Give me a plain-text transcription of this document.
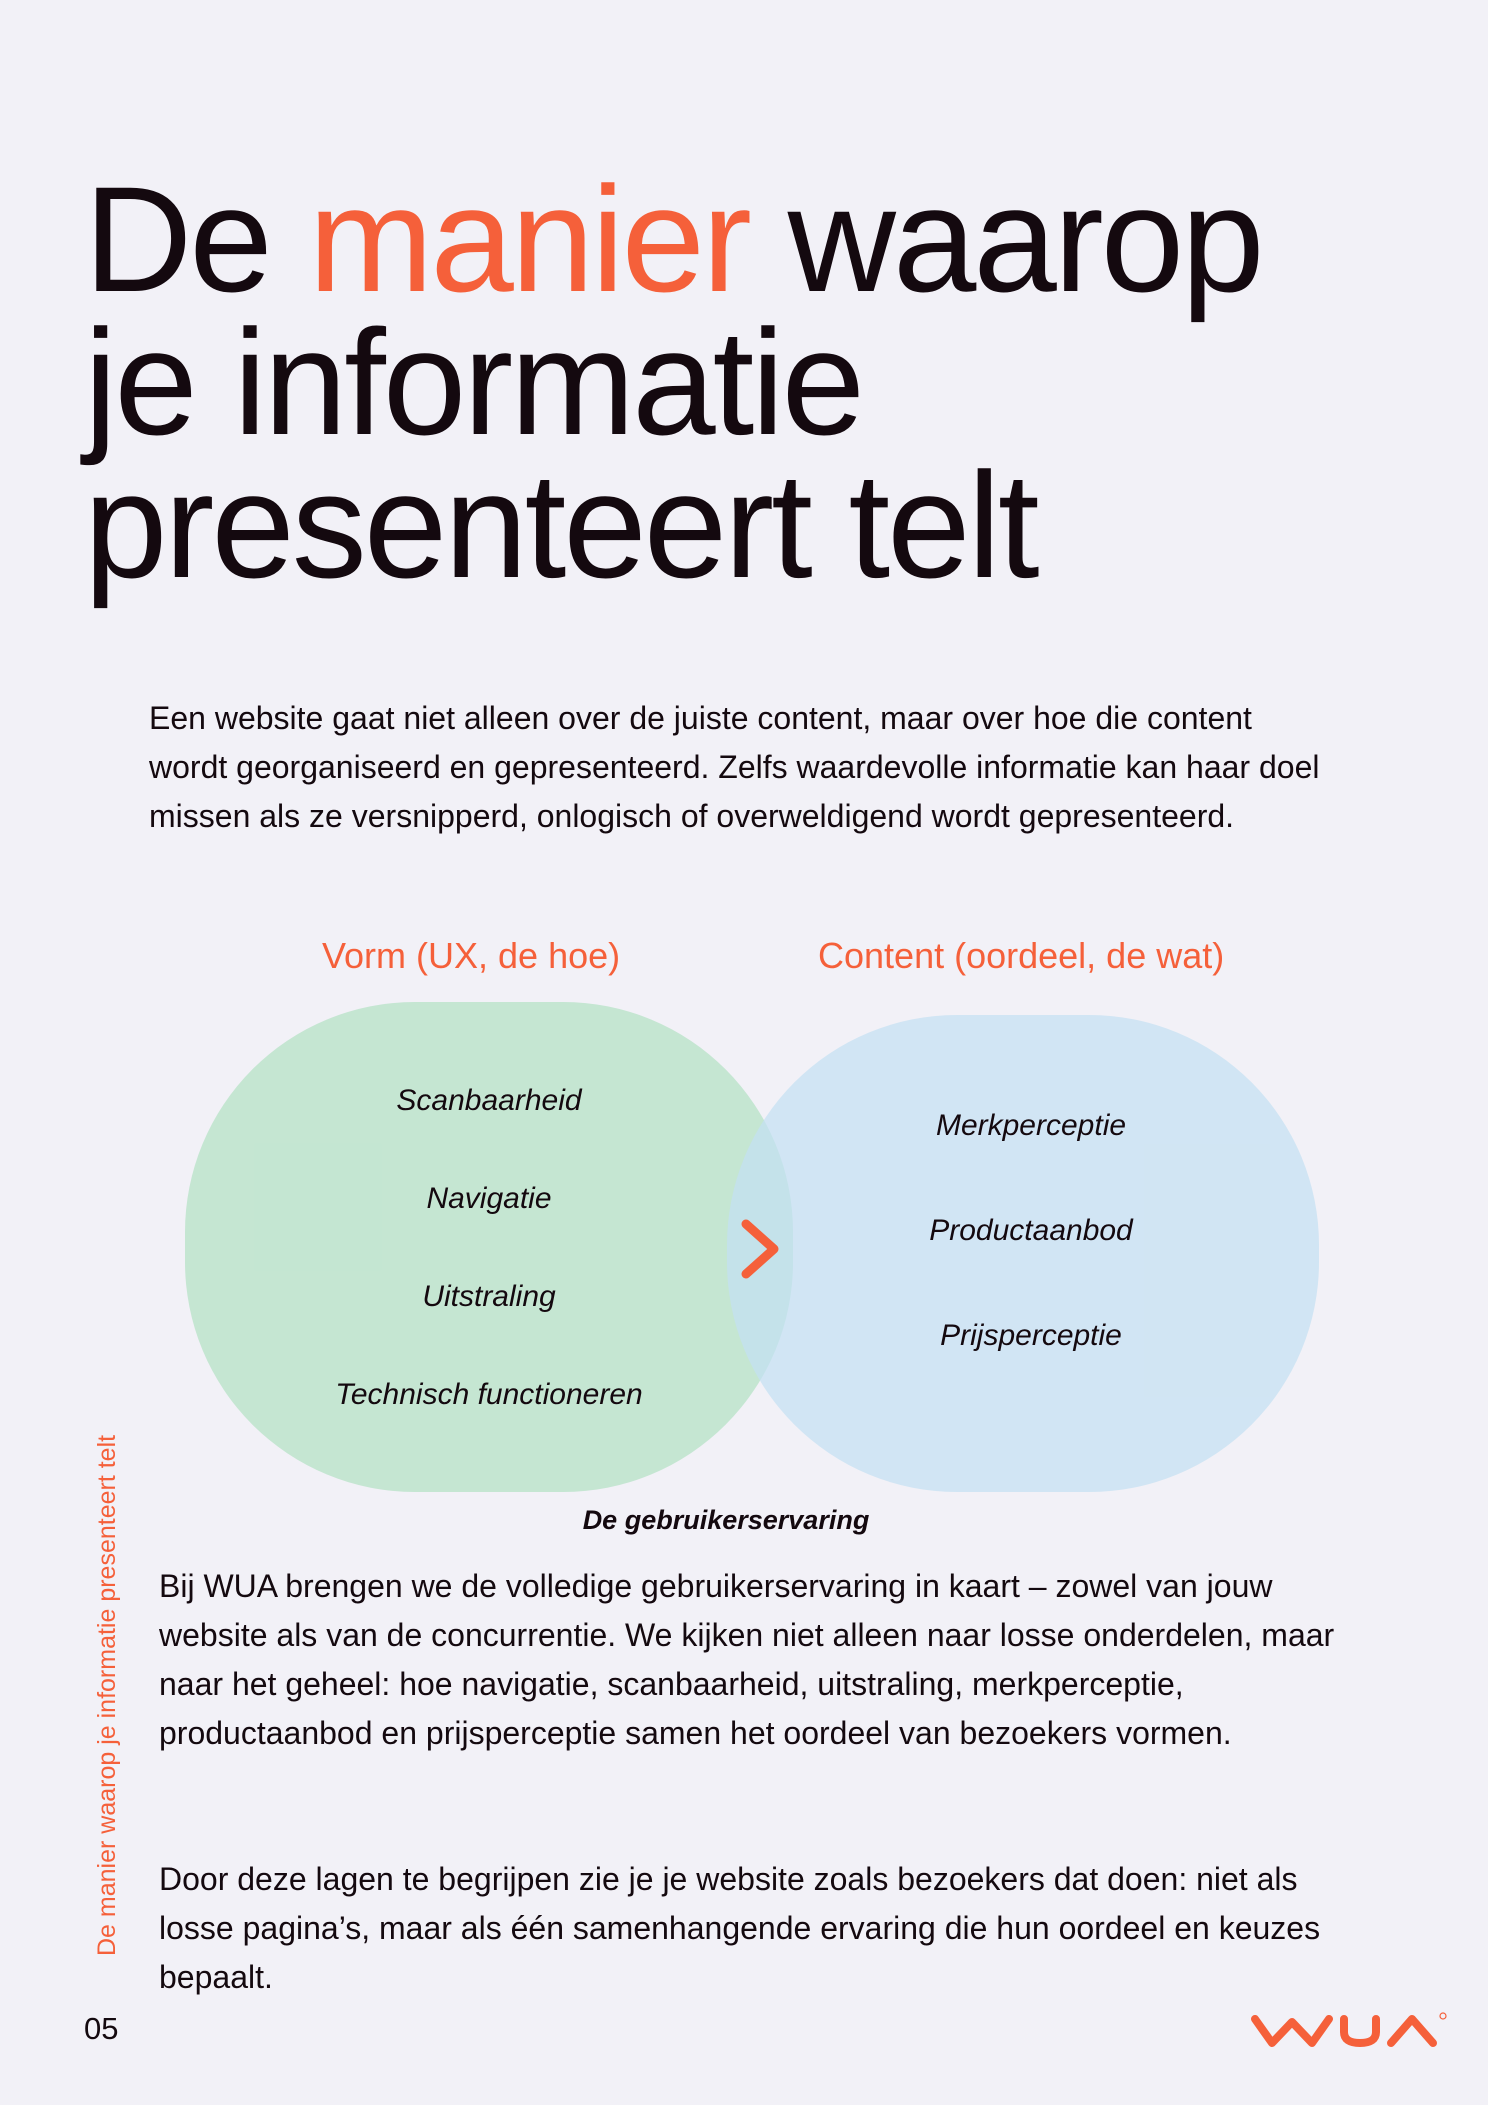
De manier waarop
je informatie
presenteert telt

Een website gaat niet alleen over de juiste content, maar over hoe die content wordt georganiseerd en gepresenteerd. Zelfs waardevolle informatie kan haar doel missen als ze versnipperd, onlogisch of overweldigend wordt gepresenteerd.

Vorm (UX, de hoe)	Content (oordeel, de wat)
Scanbaarheid
Navigatie
Uitstraling
Technisch functioneren
Merkperceptie
Productaanbod
Prijsperceptie
De gebruikerservaring

Bij WUA brengen we de volledige gebruikerservaring in kaart – zowel van jouw website als van de concurrentie. We kijken niet alleen naar losse onderdelen, maar naar het geheel: hoe navigatie, scanbaarheid, uitstraling, merkperceptie, productaanbod en prijsperceptie samen het oordeel van bezoekers vormen.

Door deze lagen te begrijpen zie je je website zoals bezoekers dat doen: niet als losse pagina’s, maar als één samenhangende ervaring die hun oordeel en keuzes bepaalt.

De manier waarop je informatie presenteert telt
05
